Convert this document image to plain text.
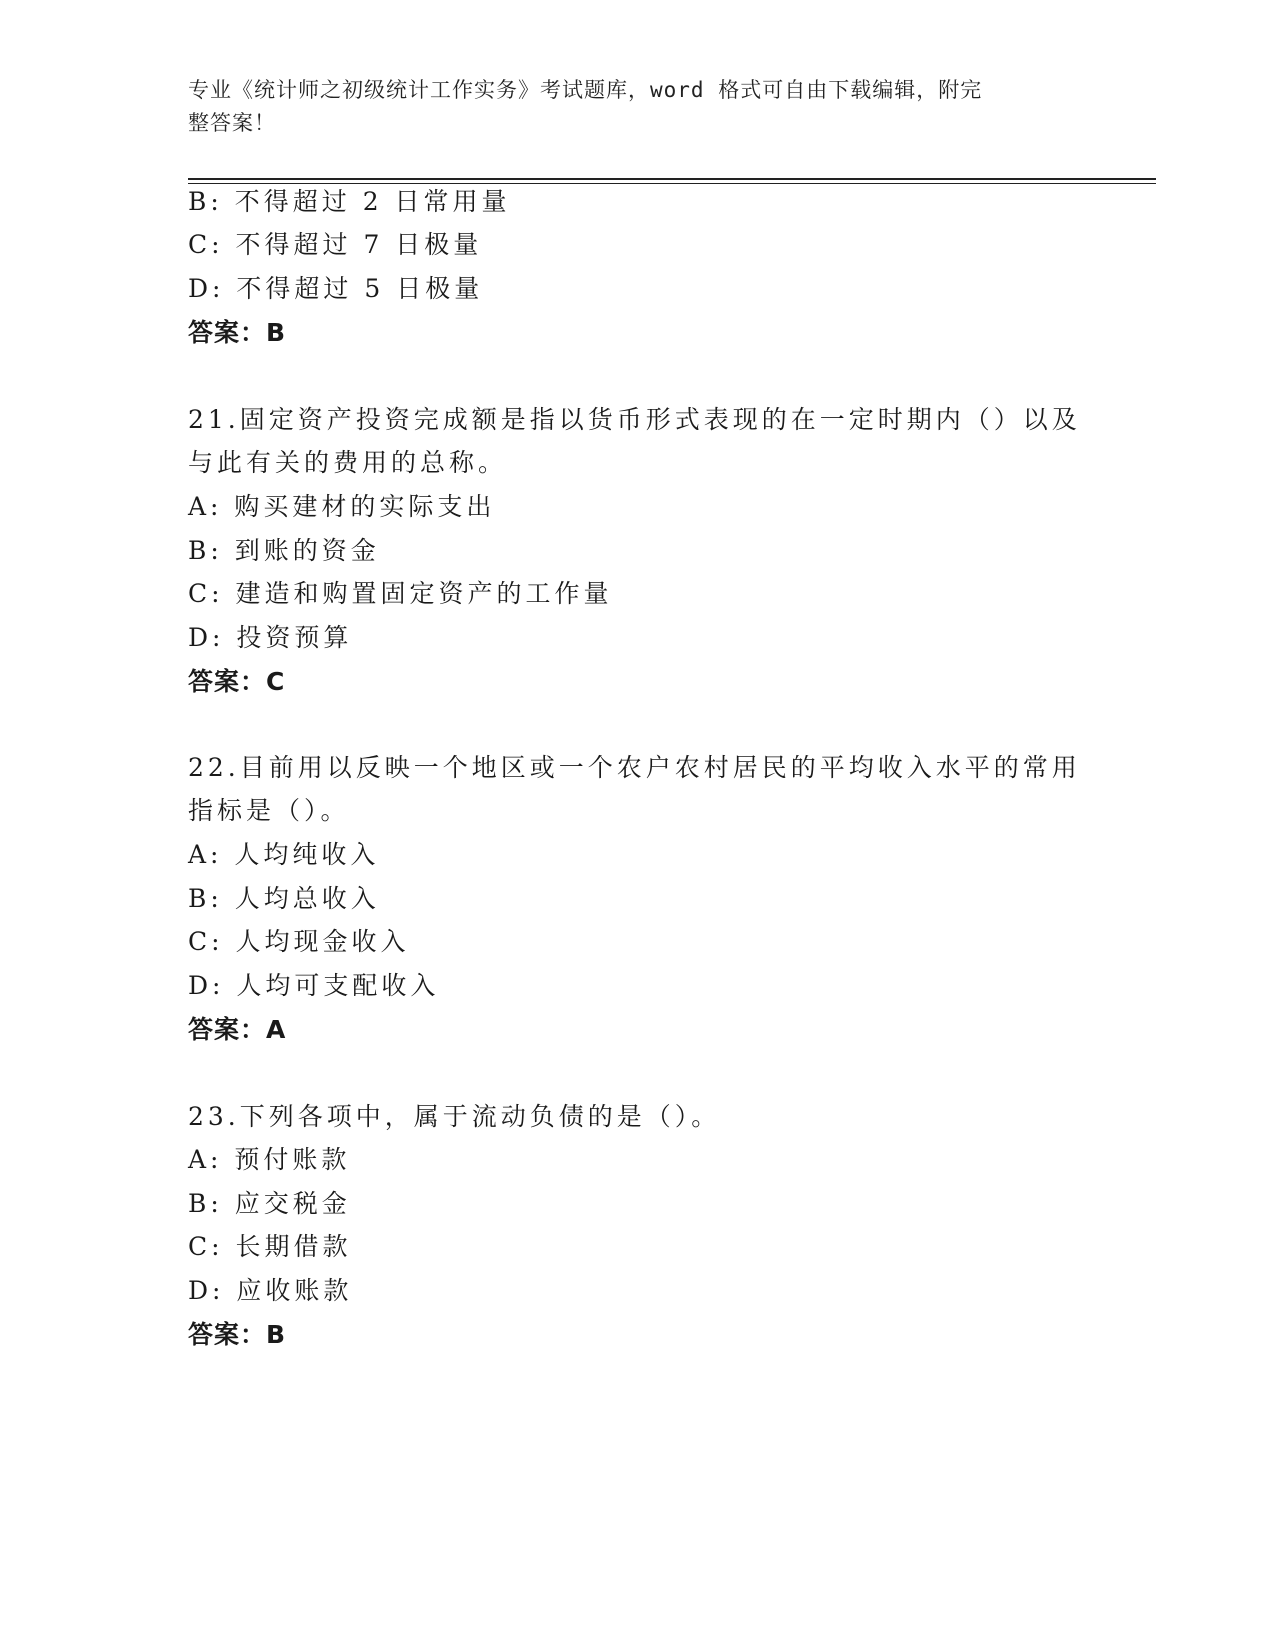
专业《统计师之初级统计工作实务》考试题库，word 格式可自由下载编辑，附完
整答案！
B: 不得超过 2 日常用量
C: 不得超过 7 日极量
D: 不得超过 5 日极量
答案：B
21.固定资产投资完成额是指以货币形式表现的在一定时期内（）以及
与此有关的费用的总称。
A: 购买建材的实际支出
B: 到账的资金
C: 建造和购置固定资产的工作量
D: 投资预算
答案：C
22.目前用以反映一个地区或一个农户农村居民的平均收入水平的常用
指标是（）。
A: 人均纯收入
B: 人均总收入
C: 人均现金收入
D: 人均可支配收入
答案：A
23.下列各项中，属于流动负债的是（）。
A: 预付账款
B: 应交税金
C: 长期借款
D: 应收账款
答案：B
